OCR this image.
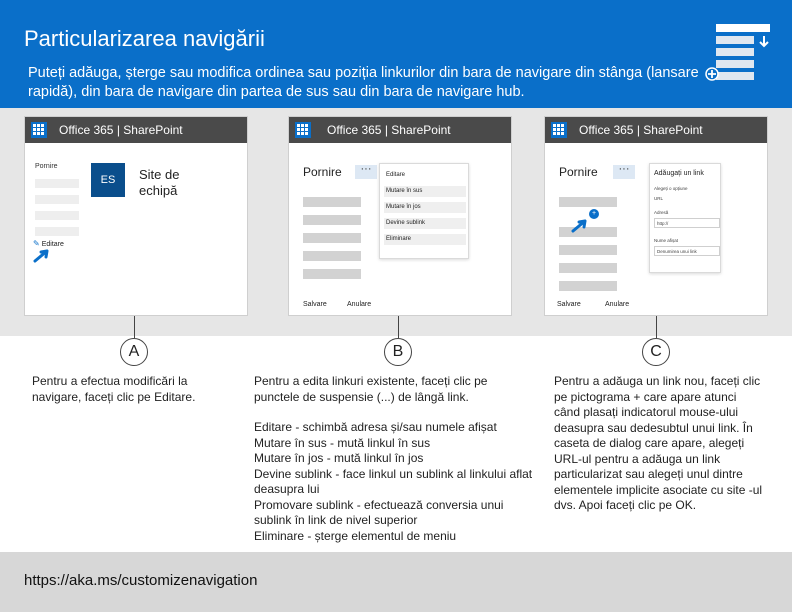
Particularizarea navigării
Puteți adăuga, șterge sau modifica ordinea sau poziția linkurilor din bara de navigare din stânga (lansare rapidă), din bara de navigare din partea de sus sau din bara de navigare hub.
Office 365 | SharePoint
Pornire
ES	Site de echipă
✎ Editare
Office 365 | SharePoint
Pornire	···	Editare
Mutare în sus
Mutare în jos
Devine sublink
Eliminare
Salvare	Anulare
Office 365 | SharePoint
Pornire	···
+
Adăugați un link
Alegeți o opțiune
URL
Adresă
http://
Nume afișat
Denumirea unui link
Salvare	Anulare
A	B	C
Pentru a efectua modificări la navigare, faceți clic pe Editare.
Pentru a edita linkuri existente, faceți clic pe punctele de suspensie (...) de lângă link.

Editare - schimbă adresa și/sau numele afișat

Mutare în sus - mută linkul în sus

Mutare în jos - mută linkul în jos

Devine sublink - face linkul un sublink al linkului aflat deasupra lui

Promovare sublink - efectuează conversia unui sublink în link de nivel superior

Eliminare - șterge elementul de meniu

Pentru a adăuga un link nou, faceți clic pe pictograma + care apare atunci când plasați indicatorul mouse-ului deasupra sau dedesubtul unui link. În caseta de dialog care apare, alegeți URL-ul pentru a adăuga un link particularizat sau alegeți unul dintre elementele implicite asociate cu site -ul dvs. Apoi faceți clic pe OK.
https://aka.ms/customizenavigation
